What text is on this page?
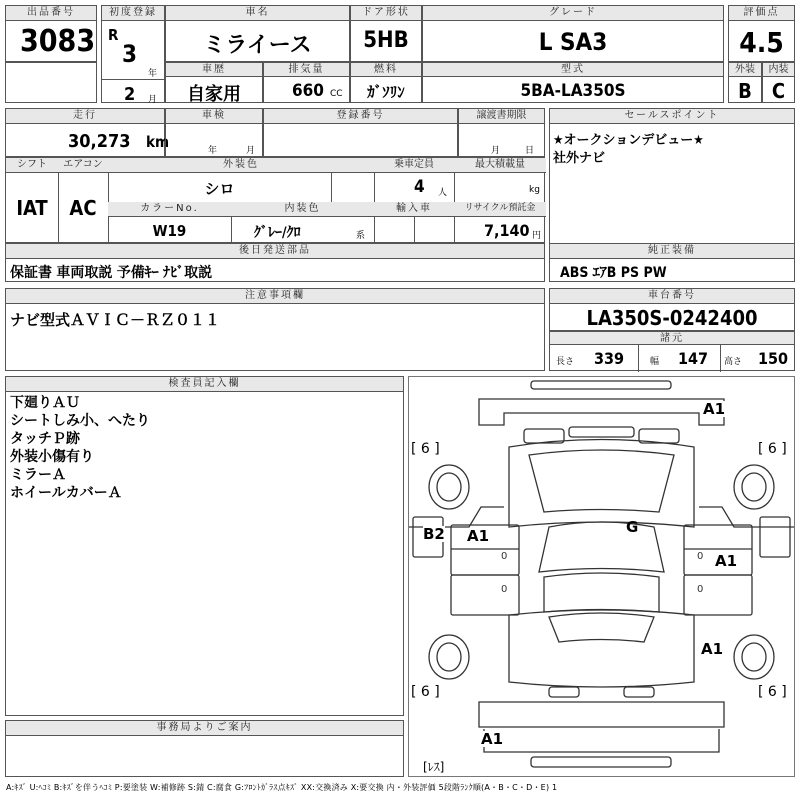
出品番号
3083
初度登録
R
3
年
2 月
車名
ミライース
ドア形状
5HB
グレード
L SA3
評価点
4.5
車歴
自家用
排気量
660 CC
燃料
ｶﾞｿﾘﾝ
型式
5BA-LA350S
外装
B
内装
C
走行
30,273 km
車検
年	月
登録番号	譲渡書期限
月	日
セールスポイント
★オークションデビュー★
社外ナビ
シフト
IAT
エアコン
AC
外装色
シロ
乗車定員
4 人
最大積載量
kg
カラーNo.
W19
内装色
ｸﾞﾚｰ/ｸﾛ	系
輸入車	リサイクル預託金
7,140 円
後日発送部品
保証書 車両取説 予備ｷｰ ﾅﾋﾞ取説
純正装備
ABS ｴｱB PS PW
注意事項欄
ナビ型式ＡＶＩＣ－ＲＺ０１１
車台番号
LA350S-0242400
諸元
長さ 339	幅 147 高さ 150
検査員記入欄
下廻りＡＵ
シートしみ小、へたり
タッチＰ跡
外装小傷有り
ミラーＡ
ホイールカバーＡ
事務局よりご案内
0
0
0
0
A1
[ 6 ]	[ 6 ]
B2 A1	G
A1
A1
[ 6 ]	[ 6 ]
A1
[ﾚｽ]
A:ｷｽﾞ U:ﾍｺﾐ B:ｷｽﾞを伴うﾍｺﾐ P:要塗装 W:補修跡 S:錆 C:腐食 G:ﾌﾛﾝﾄｶﾞﾗｽ点ｷｽﾞ XX:交換済み X:要交換 内・外装評価 5段階ﾗﾝｸ順(A・B・C・D・E) 1
